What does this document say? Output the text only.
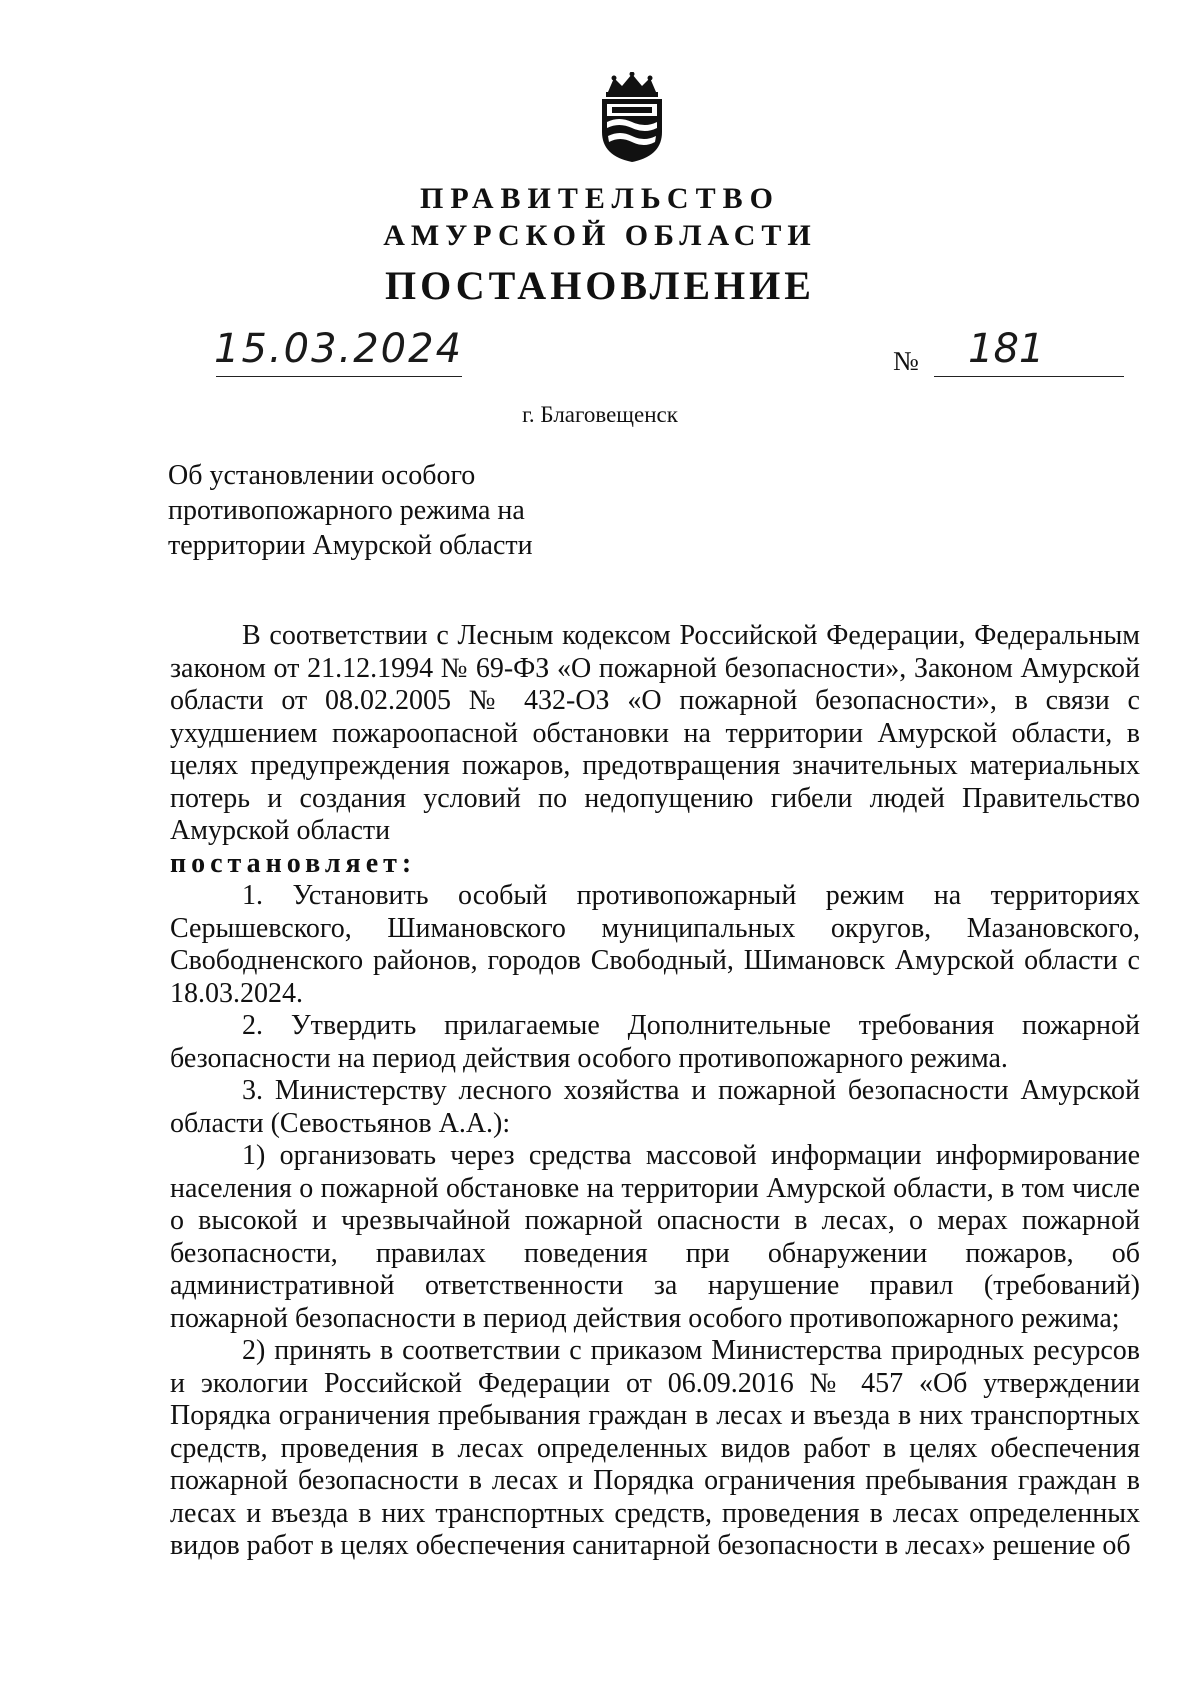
ПРАВИТЕЛЬСТВО
АМУРСКОЙ ОБЛАСТИ
ПОСТАНОВЛЕНИЕ
15.03.2024	№ 181
г. Благовещенск
Об установлении особого
противопожарного режима на
территории Амурской области

В соответствии с Лесным кодексом Российской Федерации, Федеральным законом от 21.12.1994 № 69-ФЗ «О пожарной безопасности», Законом Амурской области от 08.02.2005 № 432-ОЗ «О пожарной безопасности», в связи с ухудшением пожароопасной обстановки на территории Амурской области, в целях предупреждения пожаров, предотвращения значительных материальных потерь и создания условий по недопущению гибели людей Правительство Амурской области

постановляет:

1. Установить особый противопожарный режим на территориях Серышевского, Шимановского муниципальных округов, Мазановского, Свободненского районов, городов Свободный, Шимановск Амурской области с 18.03.2024.

2. Утвердить прилагаемые Дополнительные требования пожарной безопасности на период действия особого противопожарного режима.

3. Министерству лесного хозяйства и пожарной безопасности Амурской области (Севостьянов А.А.):

1) организовать через средства массовой информации информирование населения о пожарной обстановке на территории Амурской области, в том числе о высокой и чрезвычайной пожарной опасности в лесах, о мерах пожарной безопасности, правилах поведения при обнаружении пожаров, об административной ответственности за нарушение правил (требований) пожарной безопасности в период действия особого противопожарного режима;

2) принять в соответствии с приказом Министерства природных ресурсов и экологии Российской Федерации от 06.09.2016 № 457 «Об утверждении Порядка ограничения пребывания граждан в лесах и въезда в них транспортных средств, проведения в лесах определенных видов работ в целях обеспечения пожарной безопасности в лесах и Порядка ограничения пребывания граждан в лесах и въезда в них транспортных средств, проведения в лесах определенных видов работ в целях обеспечения санитарной безопасности в лесах» решение об
